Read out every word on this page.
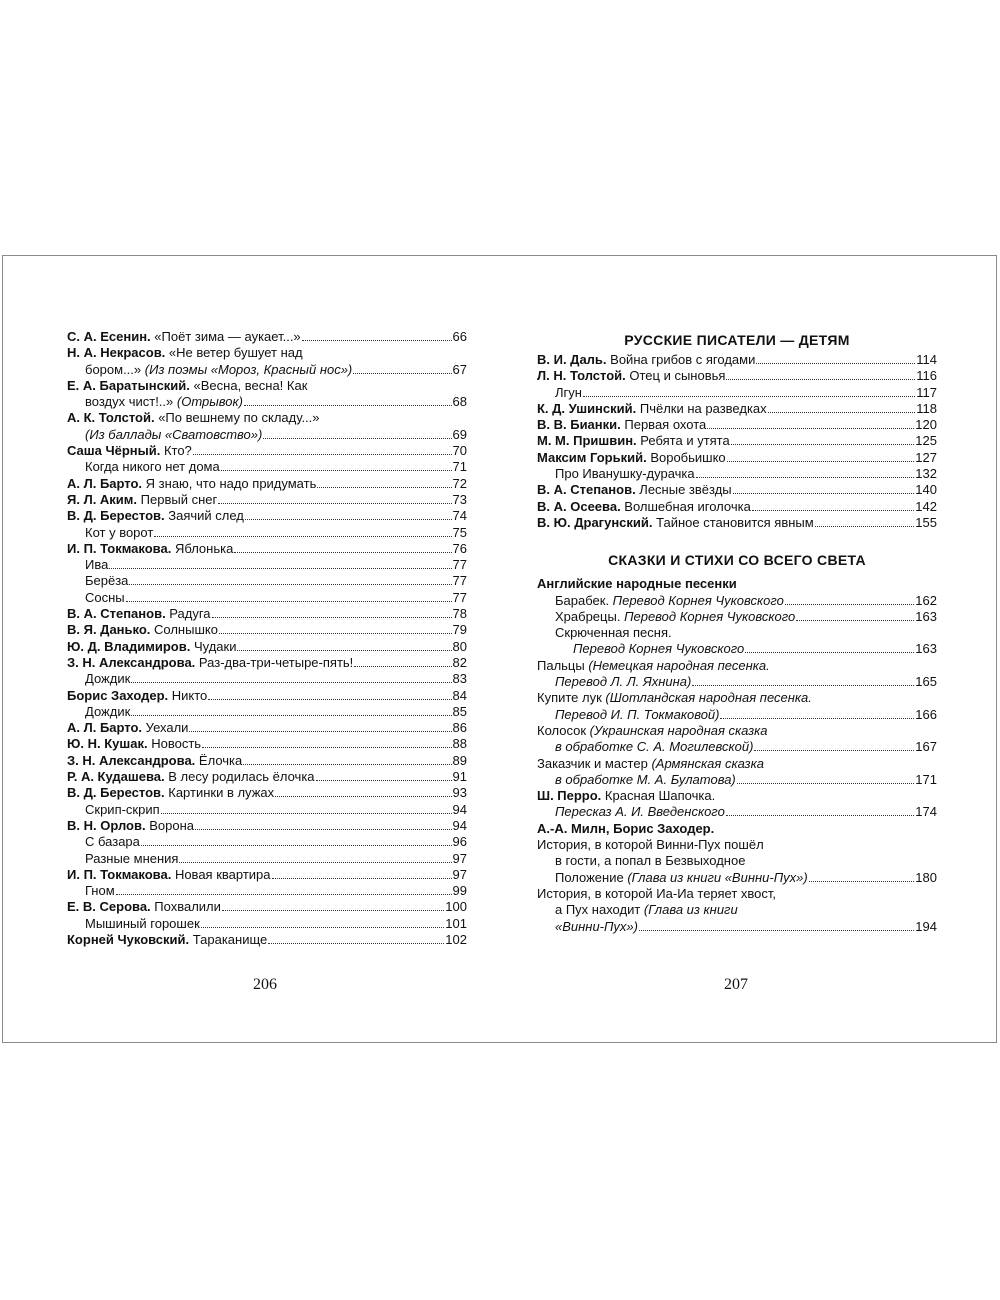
С. А. Есенин. «Поёт зима — аукает...»	66
Н. А. Некрасов. «Не ветер бушует над
бором...» (Из поэмы «Мороз, Красный нос»)	67
Е. А. Баратынский. «Весна, весна! Как
воздух чист!..» (Отрывок)	68
А. К. Толстой. «По вешнему по складу...»
(Из баллады «Сватовство»)	69
Саша Чёрный. Кто?	70
Когда никого нет дома	71
А. Л. Барто. Я знаю, что надо придумать	72
Я. Л. Аким. Первый снег	73
В. Д. Берестов. Заячий след	74
Кот у ворот	75
И. П. Токмакова. Яблонька	76
Ива	77
Берёза	77
Сосны	77
В. А. Степанов. Радуга	78
В. Я. Данько. Солнышко	79
Ю. Д. Владимиров. Чудаки	80
З. Н. Александрова. Раз-два-три-четыре-пять!	82
Дождик	83
Борис Заходер. Никто	84
Дождик	85
А. Л. Барто. Уехали	86
Ю. Н. Кушак. Новость	88
З. Н. Александрова. Ёлочка	89
Р. А. Кудашева. В лесу родилась ёлочка	91
В. Д. Берестов. Картинки в лужах	93
Скрип-скрип	94
В. Н. Орлов. Ворона	94
С базара	96
Разные мнения	97
И. П. Токмакова. Новая квартира	97
Гном	99
Е. В. Серова. Похвалили	100
Мышиный горошек	101
Корней Чуковский. Тараканище	102
РУССКИЕ ПИСАТЕЛИ — ДЕТЯМ
В. И. Даль. Война грибов с ягодами	114
Л. Н. Толстой. Отец и сыновья	116
Лгун	117
К. Д. Ушинский. Пчёлки на разведках	118
В. В. Бианки. Первая охота	120
М. М. Пришвин. Ребята и утята	125
Максим Горький. Воробьишко	127
Про Иванушку-дурачка	132
В. А. Степанов. Лесные звёзды	140
В. А. Осеева. Волшебная иголочка	142
В. Ю. Драгунский. Тайное становится явным	155
СКАЗКИ И СТИХИ СО ВСЕГО СВЕТА
Английские народные песенки
Барабек. Перевод Корнея Чуковского	162
Храбрецы. Перевод Корнея Чуковского	163
Скрюченная песня.
Перевод Корнея Чуковского	163
Пальцы (Немецкая народная песенка.
Перевод Л. Л. Яхнина)	165
Купите лук (Шотландская народная песенка.
Перевод И. П. Токмаковой)	166
Колосок (Украинская народная сказка
в обработке С. А. Могилевской)	167
Заказчик и мастер (Армянская сказка
в обработке М. А. Булатова)	171
Ш. Перро. Красная Шапочка.
Пересказ А. И. Введенского	174
А.-А. Милн, Борис Заходер.
История, в которой Винни-Пух пошёл
в гости, а попал в Безвыходное
Положение (Глава из книги «Винни-Пух»)	180
История, в которой Иа-Иа теряет хвост,
а Пух находит (Глава из книги
«Винни-Пух»)	194
206	207
